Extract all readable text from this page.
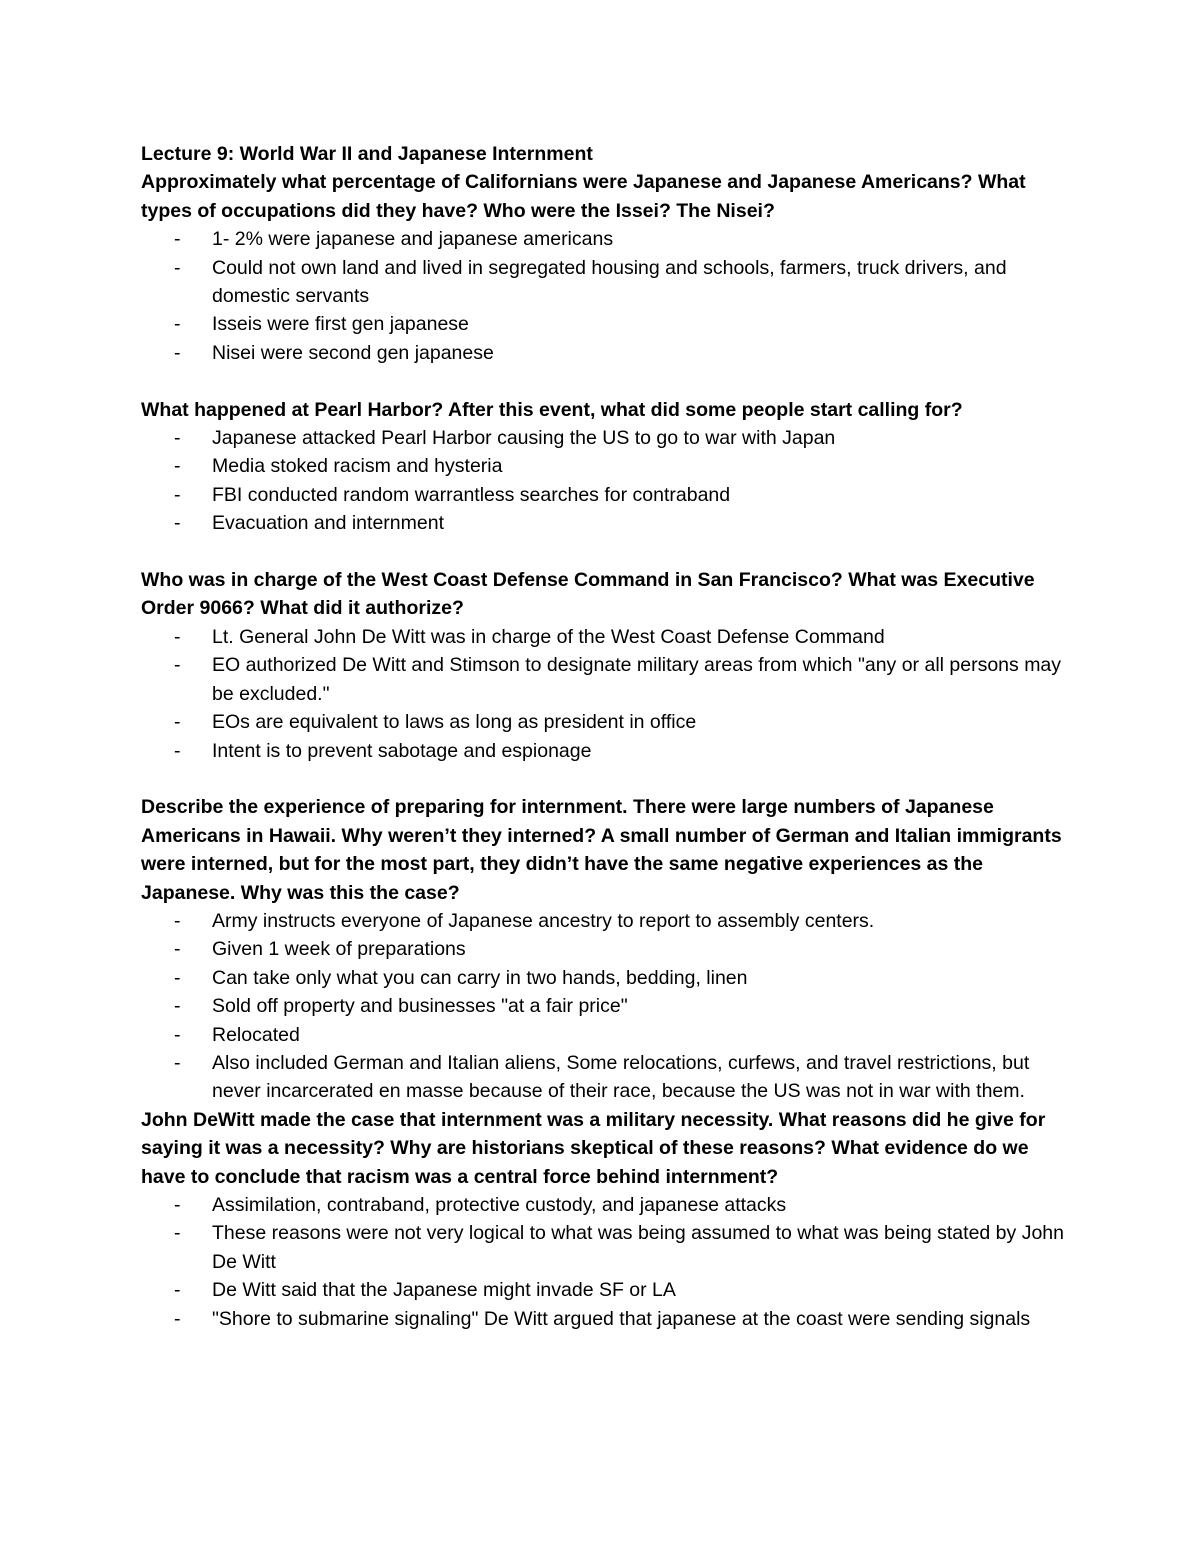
Lecture 9: World War II and Japanese Internment

Approximately what percentage of Californians were Japanese and Japanese Americans? What types of occupations did they have? Who were the Issei? The Nisei?

- 1- 2% were japanese and japanese americans
- Could not own land and lived in segregated housing and schools, farmers, truck drivers, and domestic servants
- Isseis were first gen japanese
- Nisei were second gen japanese

What happened at Pearl Harbor? After this event, what did some people start calling for?

- Japanese attacked Pearl Harbor causing the US to go to war with Japan
- Media stoked racism and hysteria
- FBI conducted random warrantless searches for contraband
- Evacuation and internment

Who was in charge of the West Coast Defense Command in San Francisco? What was Executive Order 9066? What did it authorize?

- Lt. General John De Witt was in charge of the West Coast Defense Command
- EO authorized De Witt and Stimson to designate military areas from which "any or all persons may be excluded."
- EOs are equivalent to laws as long as president in office
- Intent is to prevent sabotage and espionage

Describe the experience of preparing for internment. There were large numbers of Japanese Americans in Hawaii. Why weren’t they interned? A small number of German and Italian immigrants were interned, but for the most part, they didn’t have the same negative experiences as the Japanese. Why was this the case?

- Army instructs everyone of Japanese ancestry to report to assembly centers.
- Given 1 week of preparations
- Can take only what you can carry in two hands, bedding, linen
- Sold off property and businesses "at a fair price"
- Relocated
- Also included German and Italian aliens, Some relocations, curfews, and travel restrictions, but never incarcerated en masse because of their race, because the US was not in war with them.

John DeWitt made the case that internment was a military necessity. What reasons did he give for saying it was a necessity? Why are historians skeptical of these reasons? What evidence do we have to conclude that racism was a central force behind internment?

- Assimilation, contraband, protective custody, and japanese attacks
- These reasons were not very logical to what was being assumed to what was being stated by John De Witt
- De Witt said that the Japanese might invade SF or LA
- "Shore to submarine signaling" De Witt argued that japanese at the coast were sending signals
